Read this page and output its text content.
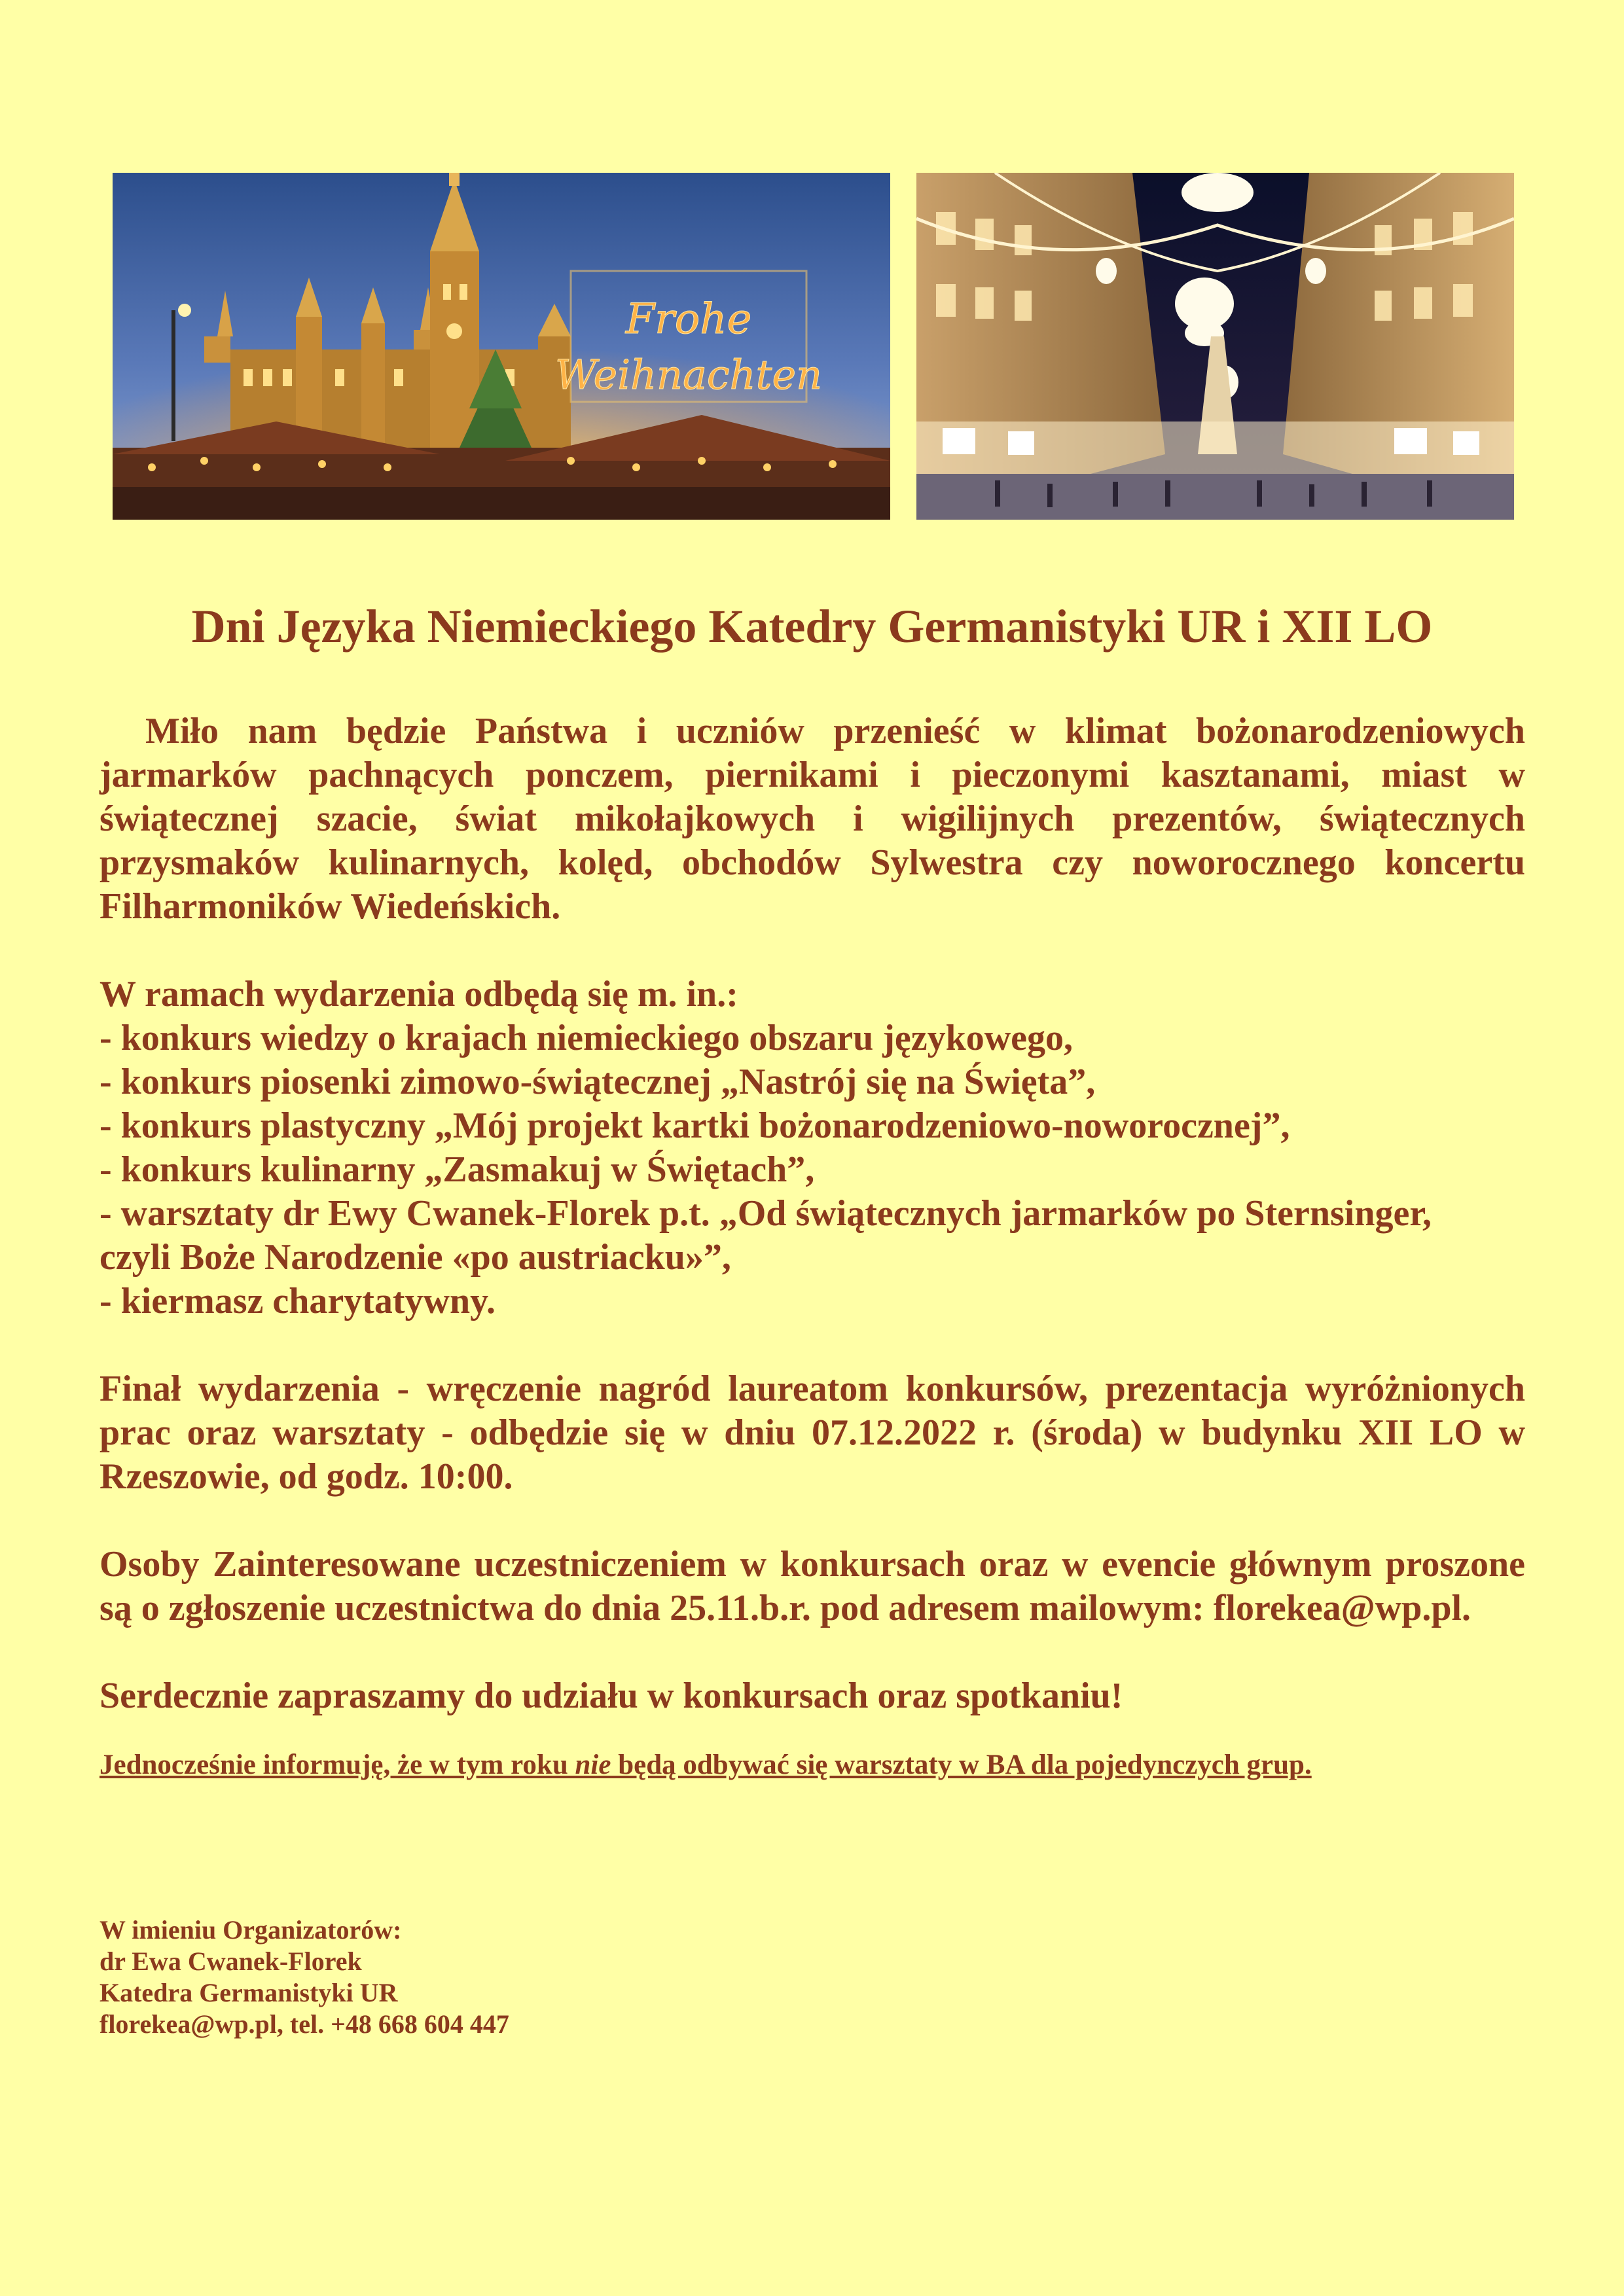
Frohe
Weihnachten
Dni Języka Niemieckiego Katedry Germanistyki UR i XII LO

Miło nam będzie Państwa i uczniów przenieść w klimat bożonarodzeniowych

jarmarków pachnących ponczem, piernikami i pieczonymi kasztanami, miast w

świątecznej szacie, świat mikołajkowych i wigilijnych prezentów, świątecznych

przysmaków kulinarnych, kolęd, obchodów Sylwestra czy noworocznego koncertu

Filharmoników Wiedeńskich.

W ramach wydarzenia odbędą się m. in.:

- konkurs wiedzy o krajach niemieckiego obszaru językowego,

- konkurs piosenki zimowo-świątecznej „Nastrój się na Święta”,

- konkurs plastyczny „Mój projekt kartki bożonarodzeniowo-noworocznej”,

- konkurs kulinarny „Zasmakuj w Świętach”,

- warsztaty dr Ewy Cwanek-Florek p.t. „Od świątecznych jarmarków po Sternsinger,

czyli Boże Narodzenie «po austriacku»”,

- kiermasz charytatywny.

Finał wydarzenia - wręczenie nagród laureatom konkursów, prezentacja wyróżnionych

prac oraz warsztaty - odbędzie się w dniu 07.12.2022 r. (środa) w budynku XII LO w

Rzeszowie, od godz. 10:00.

Osoby Zainteresowane uczestniczeniem w konkursach oraz w evencie głównym proszone

są o zgłoszenie uczestnictwa do dnia 25.11.b.r. pod adresem mailowym: florekea@wp.pl.

Serdecznie zapraszamy do udziału w konkursach oraz spotkaniu!

Jednocześnie informuję, że w tym roku nie będą odbywać się warsztaty w BA dla pojedynczych grup.

W imieniu Organizatorów:
dr Ewa Cwanek-Florek
Katedra Germanistyki UR
florekea@wp.pl, tel. +48 668 604 447
